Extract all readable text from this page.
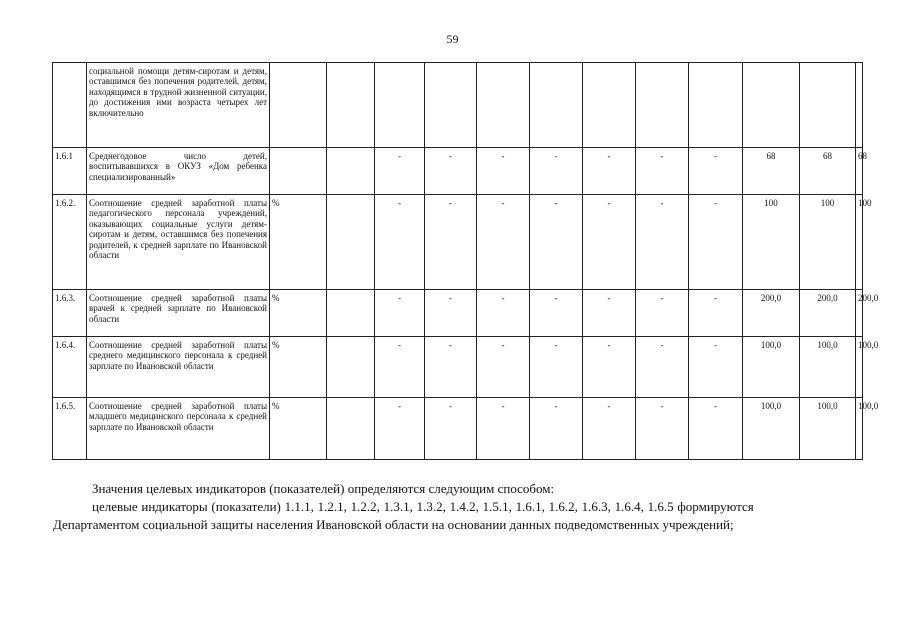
59
	социальной помощи детям-сиротам и детям, оставшимся без попечения родителей, детям, находящимся в трудной жизненной ситуации, до достижения ими возраста четырех лет включительно													
1.6.1	Среднегодовое число детей, воспитывавшихся в ОКУЗ «Дом ребенка специализированный»			-	-	-	-	-	-	-	68	68	68	
1.6.2.	Соотношение средней заработной платы педагогического персонала учреждений, оказывающих социальные услуги детям-сиротам и детям, оставшимся без попечения родителей, к средней зарплате по Ивановской области	%		-	-	-	-	-	-	-	100	100	100	
1.6.3.	Соотношение средней заработной платы врачей к средней зарплате по Ивановской области	%		-	-	-	-	-	-	-	200,0	200,0	200,0	
1.6.4.	Соотношение средней заработной платы среднего медицинского персонала к средней зарплате по Ивановской области	%		-	-	-	-	-	-	-	100,0	100,0	100,0	
1.6.5.	Соотношение средней заработной платы младшего медицинского персонала к средней зарплате по Ивановской области	%		-	-	-	-	-	-	-	100,0	100,0	100,0	
Значения целевых индикаторов (показателей) определяются следующим способом:
целевые индикаторы (показатели) 1.1.1, 1.2.1, 1.2.2, 1.3.1, 1.3.2, 1.4.2, 1.5.1, 1.6.1, 1.6.2, 1.6.3, 1.6.4, 1.6.5 формируются
Департаментом социальной защиты населения Ивановской области на основании данных подведомственных учреждений;
